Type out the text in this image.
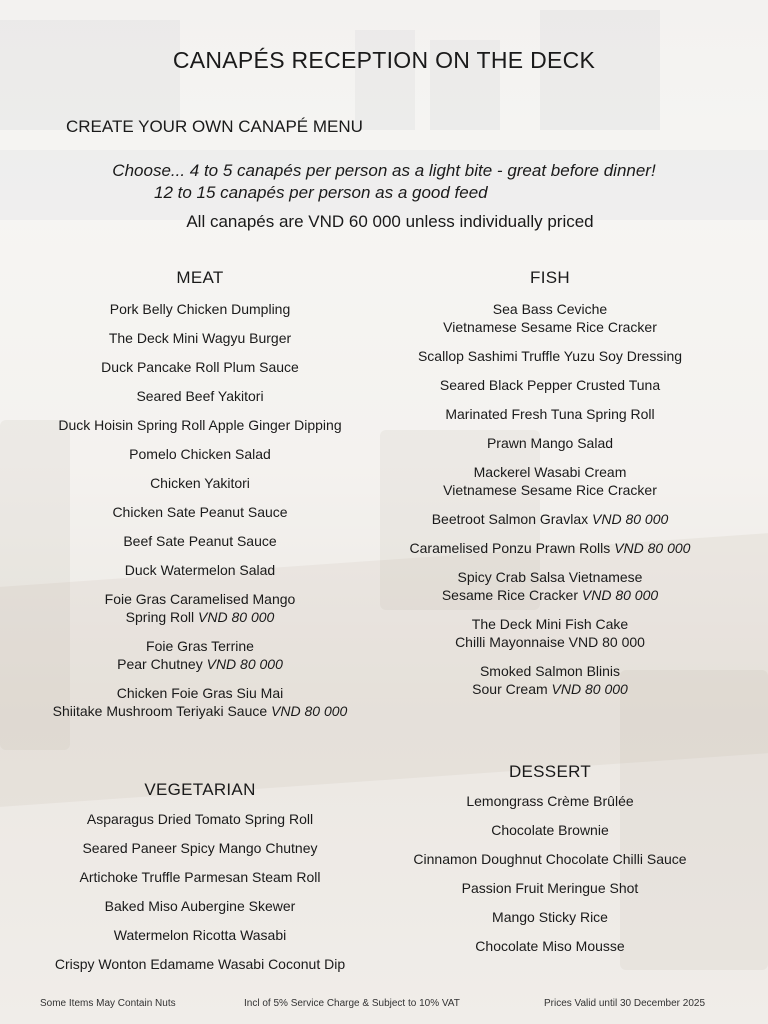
CANAPÉS RECEPTION ON THE DECK
CREATE YOUR OWN CANAPÉ MENU
Choose... 4 to 5 canapés per person as a light bite - great before dinner!
12 to 15 canapés per person as a good feed
All canapés are VND 60 000 unless individually priced
MEAT
Pork Belly Chicken Dumpling
The Deck Mini Wagyu Burger
Duck Pancake Roll Plum Sauce
Seared Beef Yakitori
Duck Hoisin Spring Roll Apple Ginger Dipping
Pomelo Chicken Salad
Chicken Yakitori
Chicken Sate Peanut Sauce
Beef Sate Peanut Sauce
Duck Watermelon Salad
Foie Gras Caramelised Mango
Spring Roll VND 80 000
Foie Gras Terrine
Pear Chutney VND 80 000
Chicken Foie Gras Siu Mai
Shiitake Mushroom Teriyaki Sauce VND 80 000
FISH
Sea Bass Ceviche
Vietnamese Sesame Rice Cracker
Scallop Sashimi Truffle Yuzu Soy Dressing
Seared Black Pepper Crusted Tuna
Marinated Fresh Tuna Spring Roll
Prawn Mango Salad
Mackerel Wasabi Cream
Vietnamese Sesame Rice Cracker
Beetroot Salmon Gravlax VND 80 000
Caramelised Ponzu Prawn Rolls VND 80 000
Spicy Crab Salsa Vietnamese
Sesame Rice Cracker VND 80 000
The Deck Mini Fish Cake
Chilli Mayonnaise VND 80 000
Smoked Salmon Blinis
Sour Cream VND 80 000
VEGETARIAN
Asparagus Dried Tomato Spring Roll
Seared Paneer Spicy Mango Chutney
Artichoke Truffle Parmesan Steam Roll
Baked Miso Aubergine Skewer
Watermelon Ricotta Wasabi
Crispy Wonton Edamame Wasabi Coconut Dip
DESSERT
Lemongrass Crème Brûlée
Chocolate Brownie
Cinnamon Doughnut Chocolate Chilli Sauce
Passion Fruit Meringue Shot
Mango Sticky Rice
Chocolate Miso Mousse
Some Items May Contain Nuts	Incl of 5% Service Charge & Subject to 10% VAT	Prices Valid until 30 December 2025
